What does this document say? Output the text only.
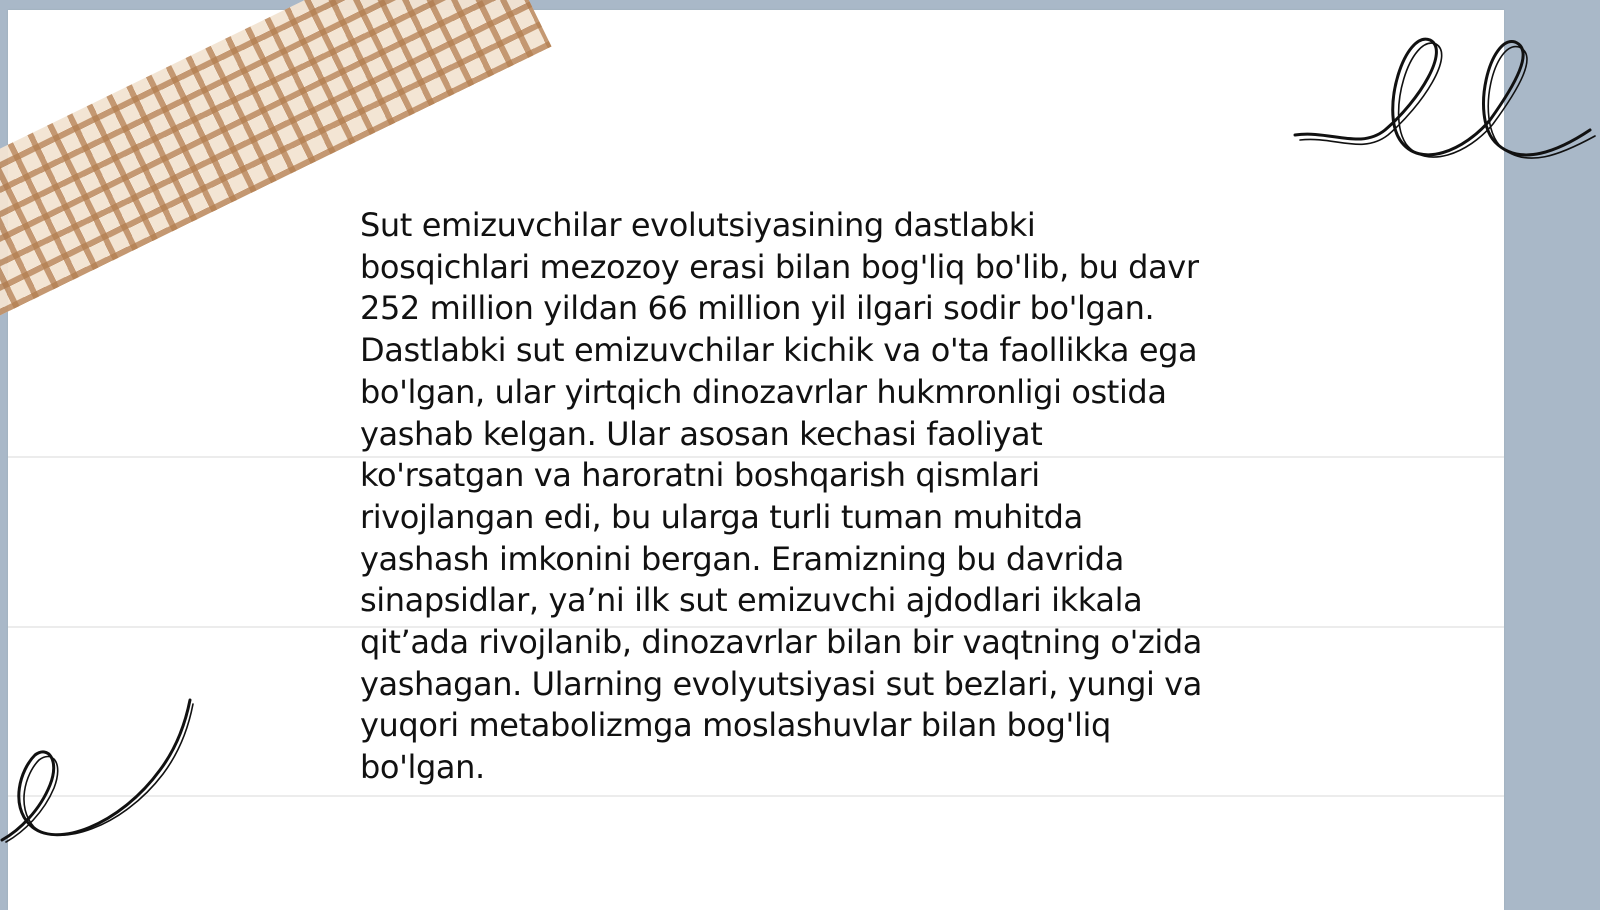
Sut emizuvchilar evolutsiyasining dastlabki
bosqichlari mezozoy erasi bilan bog'liq bo'lib, bu davr
252 million yildan 66 million yil ilgari sodir bo'lgan.
Dastlabki sut emizuvchilar kichik va o'ta faollikka ega
bo'lgan, ular yirtqich dinozavrlar hukmronligi ostida
yashab kelgan. Ular asosan kechasi faoliyat
ko'rsatgan va haroratni boshqarish qismlari
rivojlangan edi, bu ularga turli tuman muhitda
yashash imkonini bergan. Eramizning bu davrida
sinapsidlar, ya’ni ilk sut emizuvchi ajdodlari ikkala
qit’ada rivojlanib, dinozavrlar bilan bir vaqtning o'zida
yashagan. Ularning evolyutsiyasi sut bezlari, yungi va
yuqori metabolizmga moslashuvlar bilan bog'liq
bo'lgan.
